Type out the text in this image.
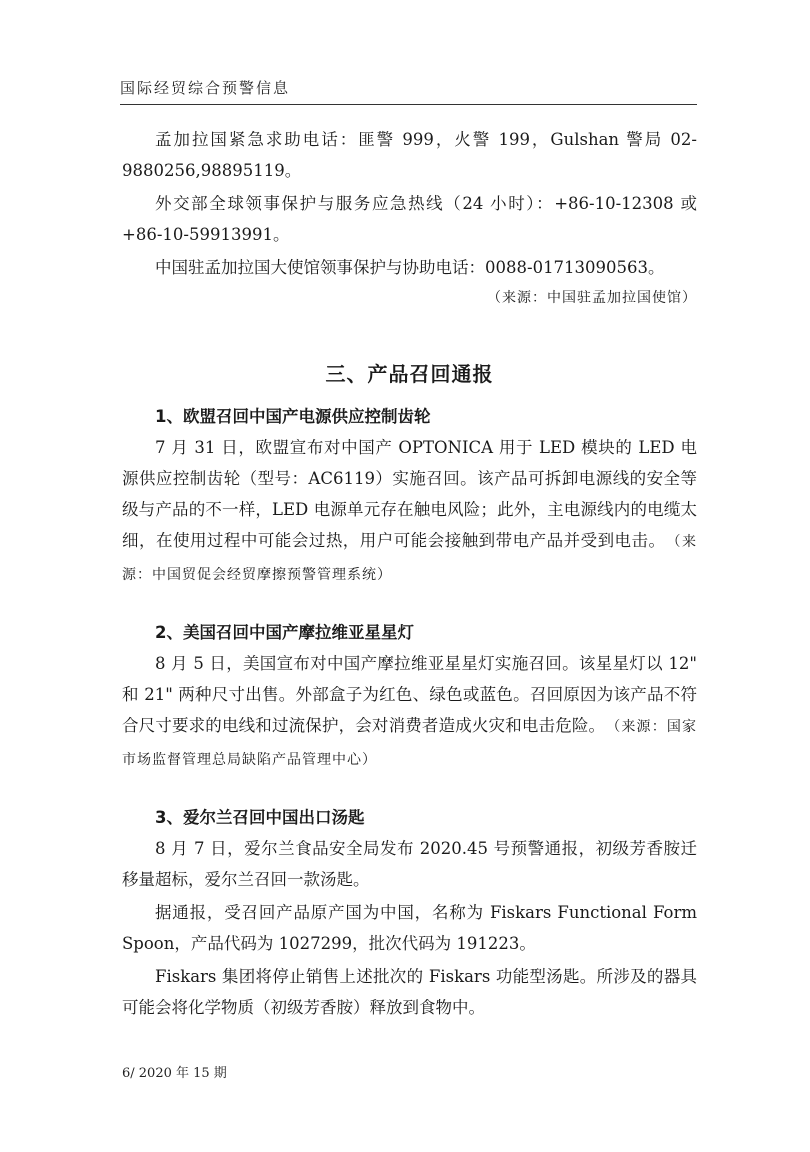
国际经贸综合预警信息

孟加拉国紧急求助电话：匪警 999，火警 199，Gulshan 警局 02-9880256,98895119。

外交部全球领事保护与服务应急热线（24 小时）：+86-10-12308 或 +86-10-59913991。

中国驻孟加拉国大使馆领事保护与协助电话：0088-01713090563。
（来源：中国驻孟加拉国使馆）

三、产品召回通报

1、欧盟召回中国产电源供应控制齿轮

7 月 31 日，欧盟宣布对中国产 OPTONICA 用于 LED 模块的 LED 电源供应控制齿轮（型号：AC6119）实施召回。该产品可拆卸电源线的安全等级与产品的不一样，LED 电源单元存在触电风险；此外，主电源线内的电缆太细，在使用过程中可能会过热，用户可能会接触到带电产品并受到电击。 （来源：中国贸促会经贸摩擦预警管理系统）

2、美国召回中国产摩拉维亚星星灯

8 月 5 日，美国宣布对中国产摩拉维亚星星灯实施召回。该星星灯以 12" 和 21" 两种尺寸出售。外部盒子为红色、绿色或蓝色。召回原因为该产品不符合尺寸要求的电线和过流保护，会对消费者造成火灾和电击危险。 （来源：国家市场监督管理总局缺陷产品管理中心）

3、爱尔兰召回中国出口汤匙

8 月 7 日，爱尔兰食品安全局发布 2020.45 号预警通报，初级芳香胺迁移量超标，爱尔兰召回一款汤匙。

据通报，受召回产品原产国为中国，名称为 Fiskars Functional Form Spoon，产品代码为 1027299，批次代码为 191223。

Fiskars 集团将停止销售上述批次的 Fiskars 功能型汤匙。所涉及的器具可能会将化学物质（初级芳香胺）释放到食物中。

6/ 2020 年 15 期
